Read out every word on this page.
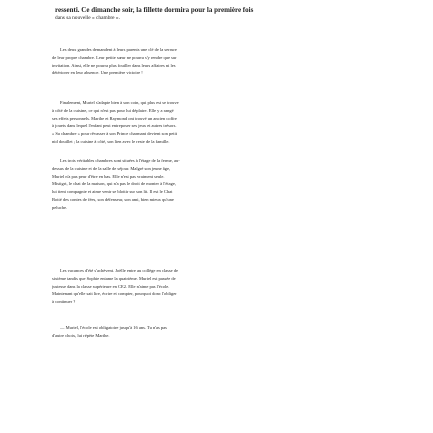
ressenti. Ce dimanche soir, la fillette dormira pour la première fois
dans sa nouvelle « chambre ».
Les deux grandes demandent à leurs parents une clé de la serrure
de leur propre chambre. Leur petite sœur ne pourra s'y rendre que sur
invitation. Ainsi, elle ne pourra plus fouiller dans leurs affaires ni les
détériorer en leur absence. Une première victoire !
Finalement, Muriel s'adapte bien à son coin, qui plus est se trouve
à côté de la cuisine, ce qui n'est pas pour lui déplaire. Elle y a rangé
ses effets personnels. Marthe et Raymond ont trouvé un ancien coffre
à jouets dans lequel l'enfant peut entreposer ses jeux et autres trésors.
« Sa chambre » pour rêvasser à son Prince charmant devient son petit
nid douillet ; la cuisine à côté, son lien avec le reste de la famille.
Les trois véritables chambres sont situées à l'étage de la ferme, au-
dessus de la cuisine et de la salle de séjour. Malgré son jeune âge,
Muriel n'a pas peur d'être en bas. Elle n'est pas vraiment seule.
Mistigri, le chat de la maison, qui n'a pas le droit de monter à l'étage,
lui tient compagnie et aime venir se blottir sur son lit. Il est le Chat
Botté des contes de fées, son défenseur, son ami, bien mieux qu'une
peluche.
Les vacances d'été s'achèvent. Joëlle entre au collège en classe de
sixième tandis que Sophie entame la quatrième. Muriel est passée de
justesse dans la classe supérieure en CE2. Elle n'aime pas l'école.
Maintenant qu'elle sait lire, écrire et compter, pourquoi donc l'obliger
à continuer ?
— Muriel, l'école est obligatoire jusqu'à 16 ans. Tu n'as pas
d'autre choix, lui répète Marthe.
